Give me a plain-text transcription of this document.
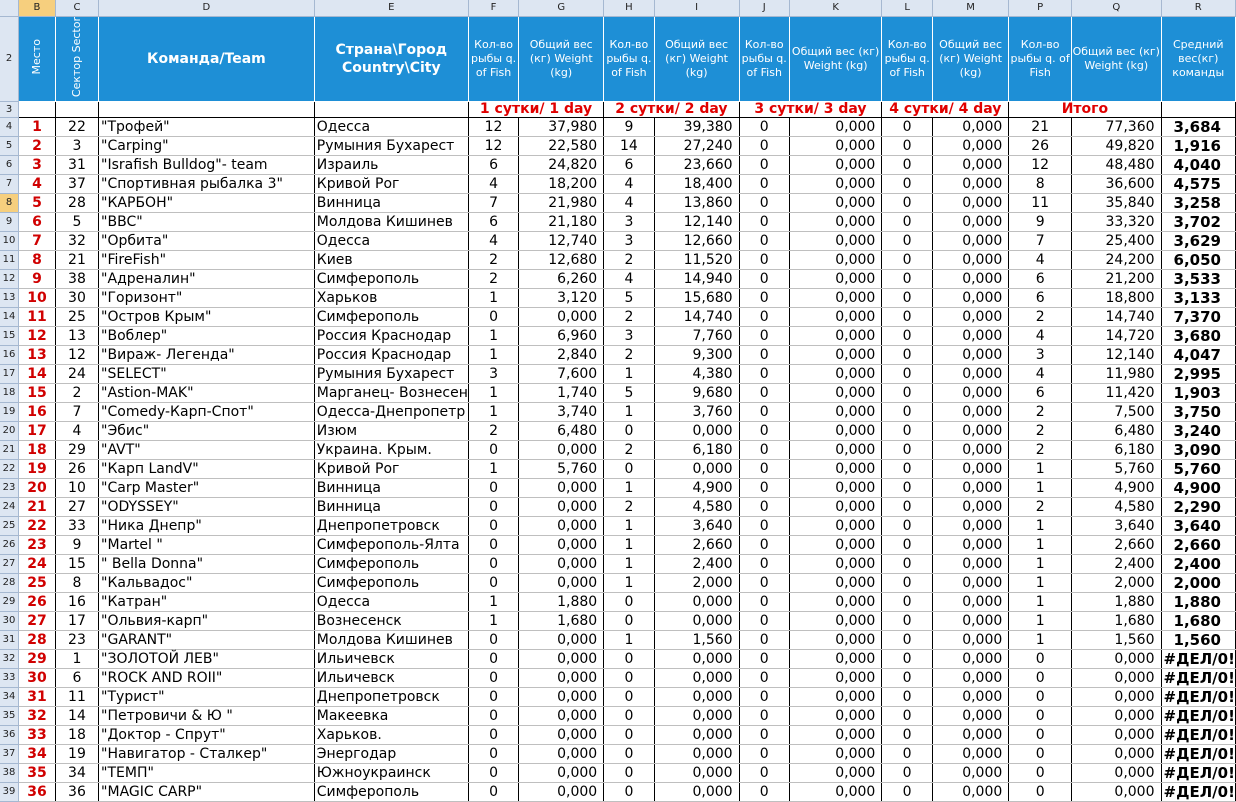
	B	C	D	E	F	G	H	I	J	K	L	M	P	Q	R
2	Место	Сектор Sector	Команда/Team	Страна\Город Country\City	Кол-во рыбы q. of Fish	Общий вес (кг) Weight (kg)	Кол-во рыбы q. of Fish	Общий вес (кг) Weight (kg)	Кол-во рыбы q. of Fish	Общий вес (кг) Weight (kg)	Кол-во рыбы q. of Fish	Общий вес (кг) Weight (kg)	Кол-во рыбы q. of Fish	Общий вес (кг) Weight (kg)	Средний вес(кг) команды
3					1 сутки/ 1 day		2 сутки/ 2 day		3 сутки/ 3 day		4 сутки/ 4 day		Итого		
4	1	22	"Трофей"	Одесса	12	37,980	9	39,380	0	0,000	0	0,000	21	77,360	3,684
5	2	3	"Carping"	Румыния Бухарест	12	22,580	14	27,240	0	0,000	0	0,000	26	49,820	1,916
6	3	31	"Israfish Bulldog"- team	Израиль	6	24,820	6	23,660	0	0,000	0	0,000	12	48,480	4,040
7	4	37	"Спортивная рыбалка 3"	Кривой Рог	4	18,200	4	18,400	0	0,000	0	0,000	8	36,600	4,575
8	5	28	"КАРБОН"	Винница	7	21,980	4	13,860	0	0,000	0	0,000	11	35,840	3,258
9	6	5	"BBC"	Молдова Кишинев	6	21,180	3	12,140	0	0,000	0	0,000	9	33,320	3,702
10	7	32	"Орбита"	Одесса	4	12,740	3	12,660	0	0,000	0	0,000	7	25,400	3,629
11	8	21	"FireFish"	Киев	2	12,680	2	11,520	0	0,000	0	0,000	4	24,200	6,050
12	9	38	"Адреналин"	Симферополь	2	6,260	4	14,940	0	0,000	0	0,000	6	21,200	3,533
13	10	30	"Горизонт"	Харьков	1	3,120	5	15,680	0	0,000	0	0,000	6	18,800	3,133
14	11	25	"Остров Крым"	Симферополь	0	0,000	2	14,740	0	0,000	0	0,000	2	14,740	7,370
15	12	13	"Воблер"	Россия Краснодар	1	6,960	3	7,760	0	0,000	0	0,000	4	14,720	3,680
16	13	12	"Вираж- Легенда"	Россия Краснодар	1	2,840	2	9,300	0	0,000	0	0,000	3	12,140	4,047
17	14	24	"SELECT"	Румыния Бухарест	3	7,600	1	4,380	0	0,000	0	0,000	4	11,980	2,995
18	15	2	"Astion-MAK"	Марганец- Вознесен	1	1,740	5	9,680	0	0,000	0	0,000	6	11,420	1,903
19	16	7	"Comedy-Карп-Спот"	Одесса-Днепропетр	1	3,740	1	3,760	0	0,000	0	0,000	2	7,500	3,750
20	17	4	"Эбис"	Изюм	2	6,480	0	0,000	0	0,000	0	0,000	2	6,480	3,240
21	18	29	"AVT"	Украина. Крым.	0	0,000	2	6,180	0	0,000	0	0,000	2	6,180	3,090
22	19	26	"Карп LandV"	Кривой Рог	1	5,760	0	0,000	0	0,000	0	0,000	1	5,760	5,760
23	20	10	"Carp Master"	Винница	0	0,000	1	4,900	0	0,000	0	0,000	1	4,900	4,900
24	21	27	"ODYSSEY"	Винница	0	0,000	2	4,580	0	0,000	0	0,000	2	4,580	2,290
25	22	33	"Ника Днепр"	Днепропетровск	0	0,000	1	3,640	0	0,000	0	0,000	1	3,640	3,640
26	23	9	"Martel "	Симферополь-Ялта	0	0,000	1	2,660	0	0,000	0	0,000	1	2,660	2,660
27	24	15	" Bella Donna"	Симферополь	0	0,000	1	2,400	0	0,000	0	0,000	1	2,400	2,400
28	25	8	"Кальвадос"	Симферополь	0	0,000	1	2,000	0	0,000	0	0,000	1	2,000	2,000
29	26	16	"Катран"	Одесса	1	1,880	0	0,000	0	0,000	0	0,000	1	1,880	1,880
30	27	17	"Ольвия-карп"	Вознесенск	1	1,680	0	0,000	0	0,000	0	0,000	1	1,680	1,680
31	28	23	"GARANT"	Молдова Кишинев	0	0,000	1	1,560	0	0,000	0	0,000	1	1,560	1,560
32	29	1	"ЗОЛОТОЙ ЛЕВ"	Ильичевск	0	0,000	0	0,000	0	0,000	0	0,000	0	0,000	#ДЕЛ/0!
33	30	6	"ROCK AND ROII"	Ильичевск	0	0,000	0	0,000	0	0,000	0	0,000	0	0,000	#ДЕЛ/0!
34	31	11	"Турист"	Днепропетровск	0	0,000	0	0,000	0	0,000	0	0,000	0	0,000	#ДЕЛ/0!
35	32	14	"Петровичи & Ю "	Макеевка	0	0,000	0	0,000	0	0,000	0	0,000	0	0,000	#ДЕЛ/0!
36	33	18	"Доктор - Спрут"	Харьков.	0	0,000	0	0,000	0	0,000	0	0,000	0	0,000	#ДЕЛ/0!
37	34	19	"Навигатор - Сталкер"	Энергодар	0	0,000	0	0,000	0	0,000	0	0,000	0	0,000	#ДЕЛ/0!
38	35	34	"ТЕМП"	Южноукраинск	0	0,000	0	0,000	0	0,000	0	0,000	0	0,000	#ДЕЛ/0!
39	36	36	"MAGIC CARP"	Симферополь	0	0,000	0	0,000	0	0,000	0	0,000	0	0,000	#ДЕЛ/0!
